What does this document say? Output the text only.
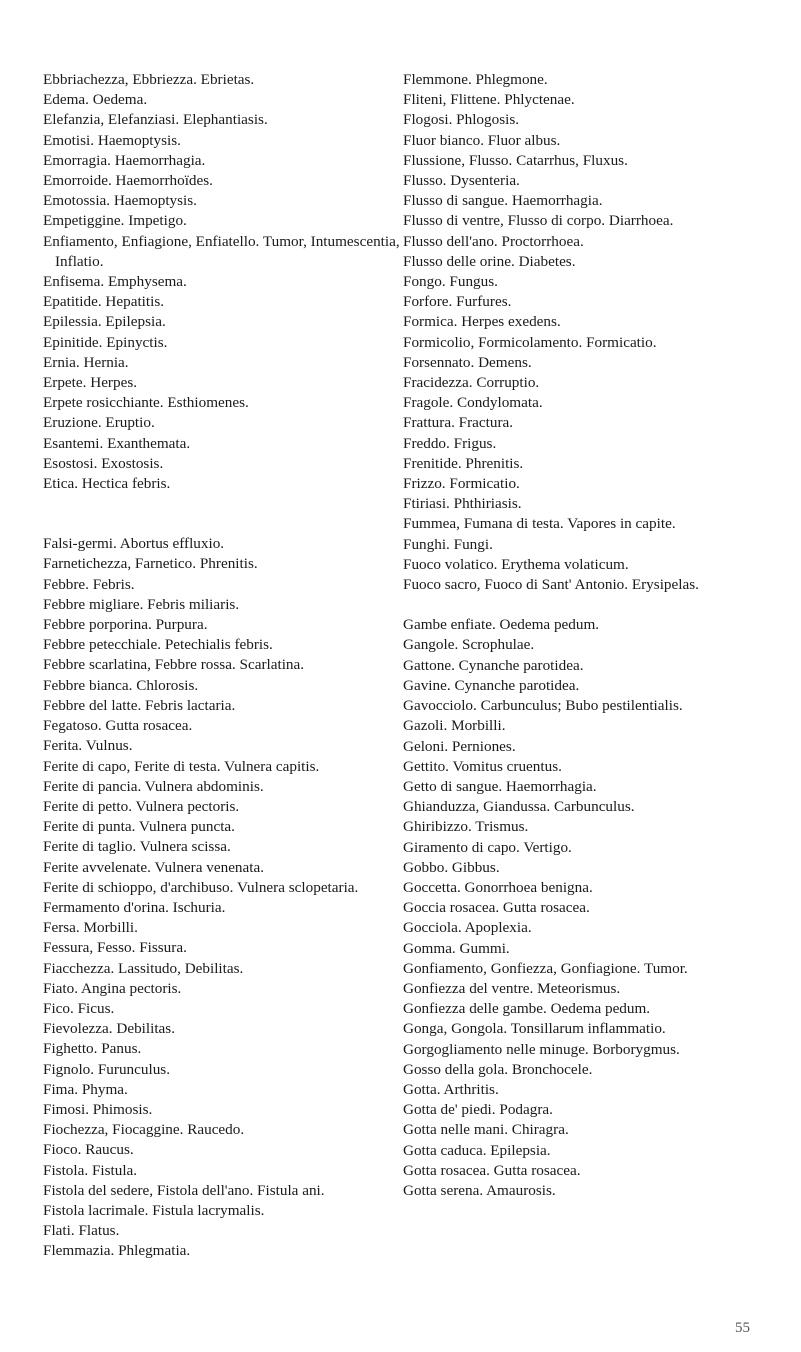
Ebbriachezza, Ebbriezza. Ebrietas.

Edema. Oedema.

Elefanzia, Elefanziasi. Elephantiasis.

Emotisi. Haemoptysis.

Emorragia. Haemorrhagia.

Emorroide. Haemorrhoïdes.

Emotossia. Haemoptysis.

Empetiggine. Impetigo.

Enfiamento, Enfiagione, Enfiatello. Tumor, Intumescentia, Inflatio.

Enfisema. Emphysema.

Epatitide. Hepatitis.

Epilessia. Epilepsia.

Epinitide. Epinyctis.

Ernia. Hernia.

Erpete. Herpes.

Erpete rosicchiante. Esthiomenes.

Eruzione. Eruptio.

Esantemi. Exanthemata.

Esostosi. Exostosis.

Etica. Hectica febris.

Falsi-germi. Abortus effluxio.

Farnetichezza, Farnetico. Phrenitis.

Febbre. Febris.

Febbre migliare. Febris miliaris.

Febbre porporina. Purpura.

Febbre petecchiale. Petechialis febris.

Febbre scarlatina, Febbre rossa. Scarlatina.

Febbre bianca. Chlorosis.

Febbre del latte. Febris lactaria.

Fegatoso. Gutta rosacea.

Ferita. Vulnus.

Ferite di capo, Ferite di testa. Vulnera capitis.

Ferite di pancia. Vulnera abdominis.

Ferite di petto. Vulnera pectoris.

Ferite di punta. Vulnera puncta.

Ferite di taglio. Vulnera scissa.

Ferite avvelenate. Vulnera venenata.

Ferite di schioppo, d'archibuso. Vulnera sclopetaria.

Fermamento d'orina. Ischuria.

Fersa. Morbilli.

Fessura, Fesso. Fissura.

Fiacchezza. Lassitudo, Debilitas.

Fiato. Angina pectoris.

Fico. Ficus.

Fievolezza. Debilitas.

Fighetto. Panus.

Fignolo. Furunculus.

Fima. Phyma.

Fimosi. Phimosis.

Fiochezza, Fiocaggine. Raucedo.

Fioco. Raucus.

Fistola. Fistula.

Fistola del sedere, Fistola dell'ano. Fistula ani.

Fistola lacrimale. Fistula lacrymalis.

Flati. Flatus.

Flemmazia. Phlegmatia.

Flemmone. Phlegmone.

Fliteni, Flittene. Phlyctenae.

Flogosi. Phlogosis.

Fluor bianco. Fluor albus.

Flussione, Flusso. Catarrhus, Fluxus.

Flusso. Dysenteria.

Flusso di sangue. Haemorrhagia.

Flusso di ventre, Flusso di corpo. Diarrhoea.

Flusso dell'ano. Proctorrhoea.

Flusso delle orine. Diabetes.

Fongo. Fungus.

Forfore. Furfures.

Formica. Herpes exedens.

Formicolio, Formicolamento. Formicatio.

Forsennato. Demens.

Fracidezza. Corruptio.

Fragole. Condylomata.

Frattura. Fractura.

Freddo. Frigus.

Frenitide. Phrenitis.

Frizzo. Formicatio.

Ftiriasi. Phthiriasis.

Fummea, Fumana di testa. Vapores in capite.

Funghi. Fungi.

Fuoco volatico. Erythema volaticum.

Fuoco sacro, Fuoco di Sant' Antonio. Erysipelas.

Gambe enfiate. Oedema pedum.

Gangole. Scrophulae.

Gattone. Cynanche parotidea.

Gavine. Cynanche parotidea.

Gavocciolo. Carbunculus; Bubo pestilentialis.

Gazoli. Morbilli.

Geloni. Perniones.

Gettito. Vomitus cruentus.

Getto di sangue. Haemorrhagia.

Ghianduzza, Giandussa. Carbunculus.

Ghiribizzo. Trismus.

Giramento di capo. Vertigo.

Gobbo. Gibbus.

Goccetta. Gonorrhoea benigna.

Goccia rosacea. Gutta rosacea.

Gocciola. Apoplexia.

Gomma. Gummi.

Gonfiamento, Gonfiezza, Gonfiagione. Tumor.

Gonfiezza del ventre. Meteorismus.

Gonfiezza delle gambe. Oedema pedum.

Gonga, Gongola. Tonsillarum inflammatio.

Gorgogliamento nelle minuge. Borborygmus.

Gosso della gola. Bronchocele.

Gotta. Arthritis.

Gotta de' piedi. Podagra.

Gotta nelle mani. Chiragra.

Gotta caduca. Epilepsia.

Gotta rosacea. Gutta rosacea.

Gotta serena. Amaurosis.

55
